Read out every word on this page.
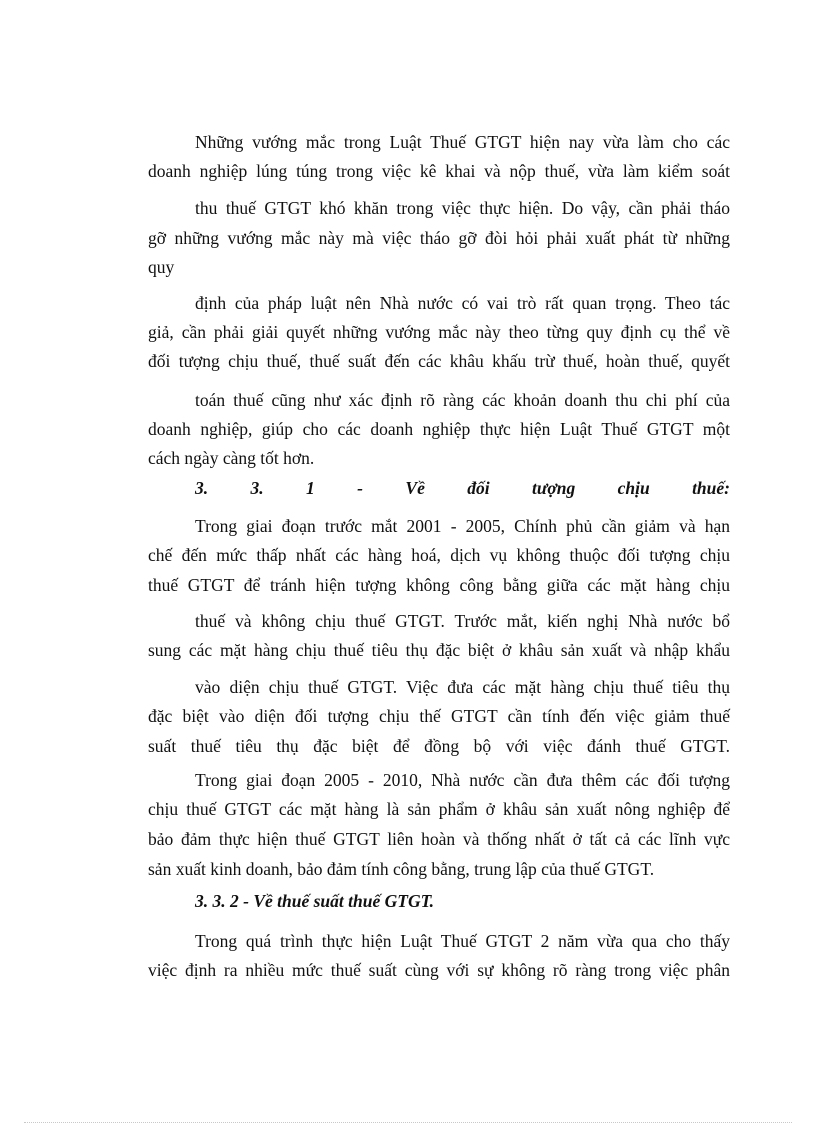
Những vướng mắc trong Luật Thuế GTGT hiện nay vừa làm cho các
doanh nghiệp lúng túng trong việc kê khai và nộp thuế, vừa làm kiểm soát
thu thuế GTGT khó khăn trong việc thực hiện. Do vậy, cần phải tháo
gỡ những vướng mắc này mà việc tháo gỡ đòi hỏi phải xuất phát từ những
quy
định của pháp luật nên Nhà nước có vai trò rất quan trọng. Theo tác
giả, cần phải giải quyết những vướng mắc này theo từng quy định cụ thể về
đối tượng chịu thuế, thuế suất đến các khâu khấu trừ thuế, hoàn thuế, quyết
toán thuế cũng như xác định rõ ràng các khoản doanh thu chi phí của
doanh nghiệp, giúp cho các doanh nghiệp thực hiện Luật Thuế GTGT một
cách ngày càng tốt hơn.
3. 3. 1 - Về đối tượng chịu thuế:
Trong giai đoạn trước mắt 2001 - 2005, Chính phủ cần giảm và hạn
chế đến mức thấp nhất các hàng hoá, dịch vụ không thuộc đối tượng chịu
thuế GTGT để tránh hiện tượng không công bằng giữa các mặt hàng chịu
thuế và không chịu thuế GTGT. Trước mắt, kiến nghị Nhà nước bổ
sung các mặt hàng chịu thuế tiêu thụ đặc biệt ở khâu sản xuất và nhập khẩu
vào diện chịu thuế GTGT. Việc đưa các mặt hàng chịu thuế tiêu thụ
đặc biệt vào diện đối tượng chịu thế GTGT cần tính đến việc giảm thuế
suất thuế tiêu thụ đặc biệt để đồng bộ với việc đánh thuế GTGT.
Trong giai đoạn 2005 - 2010, Nhà nước cần đưa thêm các đối tượng
chịu thuế GTGT các mặt hàng là sản phẩm ở khâu sản xuất nông nghiệp để
bảo đảm thực hiện thuế GTGT liên hoàn và thống nhất ở tất cả các lĩnh vực
sản xuất kinh doanh, bảo đảm tính công bằng, trung lập của thuế GTGT.
3. 3. 2 - Về thuế suất thuế GTGT.
Trong quá trình thực hiện Luật Thuế GTGT 2 năm vừa qua cho thấy
việc định ra nhiều mức thuế suất cùng với sự không rõ ràng trong việc phân
